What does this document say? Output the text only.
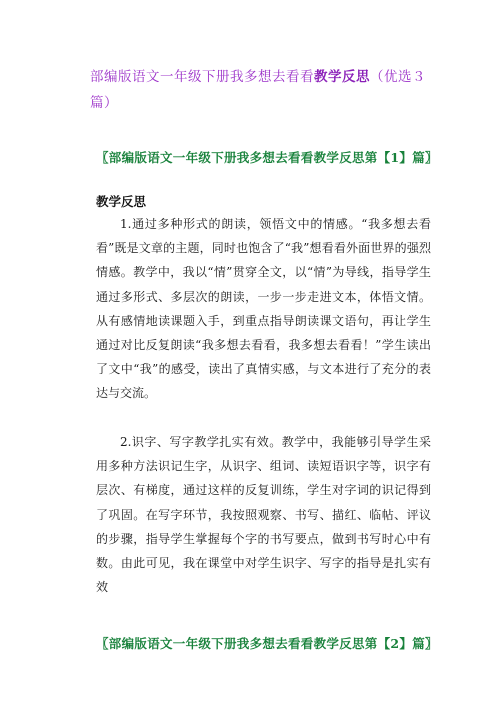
部编版语文一年级下册我多想去看看教学反思（优选３篇）
〖部编版语文一年级下册我多想去看看教学反思第【1】篇〗
教学反思

1.通过多种形式的朗读，领悟文中的情感。“我多想去看看”既是文章的主题，同时也饱含了“我”想看看外面世界的强烈情感。教学中，我以“情”贯穿全文，以“情”为导线，指导学生通过多形式、多层次的朗读，一步一步走进文本，体悟文情。从有感情地读课题入手，到重点指导朗读课文语句，再让学生通过对比反复朗读“我多想去看看，我多想去看看！”学生读出了文中“我”的感受，读出了真情实感，与文本进行了充分的表达与交流。

2.识字、写字教学扎实有效。教学中，我能够引导学生采用多种方法识记生字，从识字、组词、读短语识字等，识字有层次、有梯度，通过这样的反复训练，学生对字词的识记得到了巩固。在写字环节，我按照观察、书写、描红、临帖、评议的步骤，指导学生掌握每个字的书写要点，做到书写时心中有数。由此可见，我在课堂中对学生识字、写字的指导是扎实有效

〖部编版语文一年级下册我多想去看看教学反思第【2】篇〗
